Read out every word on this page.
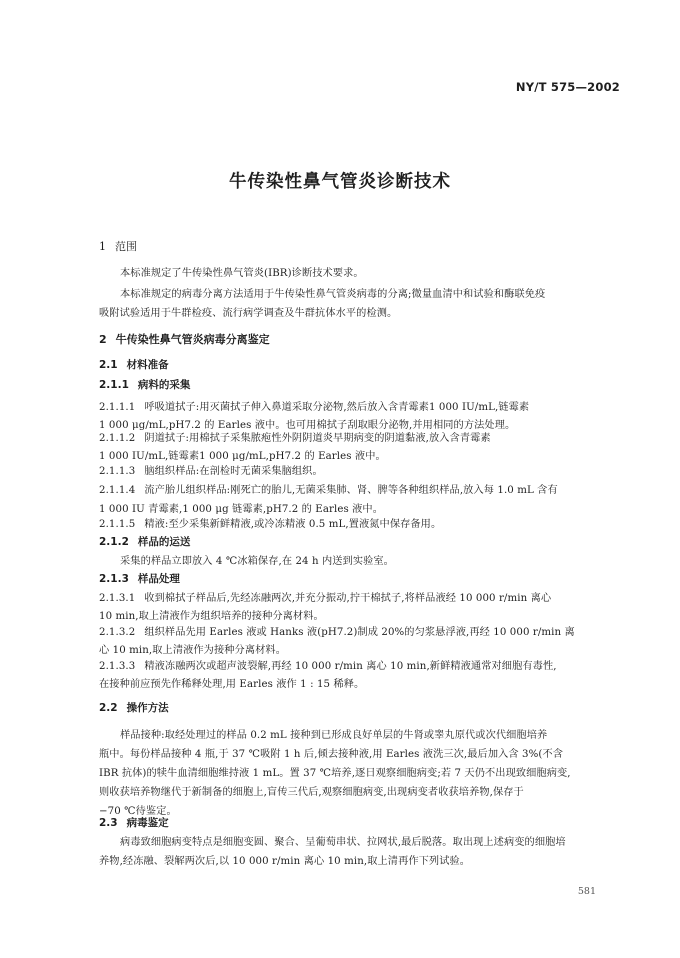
NY/T 575—2002
牛传染性鼻气管炎诊断技术
1 范围
本标准规定了牛传染性鼻气管炎(IBR)诊断技术要求。
本标准规定的病毒分离方法适用于牛传染性鼻气管炎病毒的分离;微量血清中和试验和酶联免疫
吸附试验适用于牛群检疫、流行病学调查及牛群抗体水平的检测。
2 牛传染性鼻气管炎病毒分离鉴定
2.1 材料准备
2.1.1 病料的采集
2.1.1.1 呼吸道拭子:用灭菌拭子伸入鼻道采取分泌物,然后放入含青霉素1 000 IU/mL,链霉素
1 000 μg/mL,pH7.2 的 Earles 液中。也可用棉拭子刮取眼分泌物,并用相同的方法处理。
2.1.1.2 阴道拭子:用棉拭子采集脓疱性外阴阴道炎早期病变的阴道黏液,放入含青霉素
1 000 IU/mL,链霉素1 000 μg/mL,pH7.2 的 Earles 液中。
2.1.1.3 脑组织样品:在剖检时无菌采集脑组织。
2.1.1.4 流产胎儿组织样品:刚死亡的胎儿,无菌采集肺、肾、脾等各种组织样品,放入每 1.0 mL 含有
1 000 IU 青霉素,1 000 μg 链霉素,pH7.2 的 Earles 液中。
2.1.1.5 精液:至少采集新鲜精液,或冷冻精液 0.5 mL,置液氮中保存备用。
2.1.2 样品的运送
采集的样品立即放入 4 ℃冰箱保存,在 24 h 内送到实验室。
2.1.3 样品处理
2.1.3.1 收到棉拭子样品后,先经冻融两次,并充分振动,拧干棉拭子,将样品液经 10 000 r/min 离心
10 min,取上清液作为组织培养的接种分离材料。
2.1.3.2 组织样品先用 Earles 液或 Hanks 液(pH7.2)制成 20%的匀浆悬浮液,再经 10 000 r/min 离
心 10 min,取上清液作为接种分离材料。
2.1.3.3 精液冻融两次或超声波裂解,再经 10 000 r/min 离心 10 min,新鲜精液通常对细胞有毒性,
在接种前应预先作稀释处理,用 Earles 液作 1 : 15 稀释。
2.2 操作方法
样品接种:取经处理过的样品 0.2 mL 接种到已形成良好单层的牛肾或睾丸原代或次代细胞培养
瓶中。每份样品接种 4 瓶,于 37 ℃吸附 1 h 后,倾去接种液,用 Earles 液洗三次,最后加入含 3%(不含
IBR 抗体)的犊牛血清细胞维持液 1 mL。置 37 ℃培养,逐日观察细胞病变;若 7 天仍不出现致细胞病变,
则收获培养物继代于新制备的细胞上,盲传三代后,观察细胞病变,出现病变者收获培养物,保存于
−70 ℃待鉴定。
2.3 病毒鉴定
病毒致细胞病变特点是细胞变圆、聚合、呈葡萄串状、拉网状,最后脱落。取出现上述病变的细胞培
养物,经冻融、裂解两次后,以 10 000 r/min 离心 10 min,取上清再作下列试验。
581
